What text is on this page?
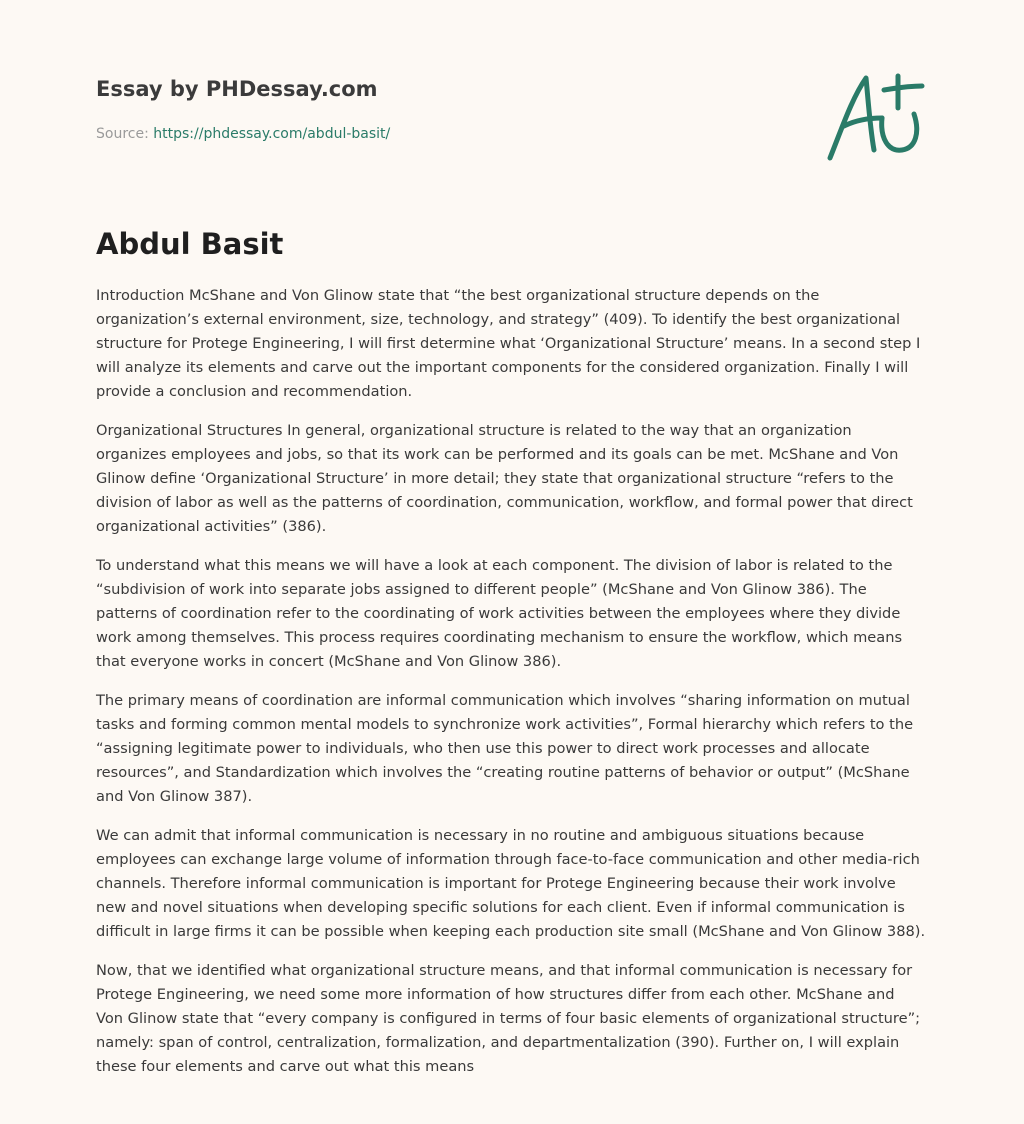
Essay by PHDessay.com
Source: https://phdessay.com/abdul-basit/
Abdul Basit

Introduction McShane and Von Glinow state that “the best organizational structure depends on the organization’s external environment, size, technology, and strategy” (409). To identify the best organizational structure for Protege Engineering, I will first determine what ‘Organizational Structure’ means. In a second step I will analyze its elements and carve out the important components for the considered organization. Finally I will provide a conclusion and recommendation.

Organizational Structures In general, organizational structure is related to the way that an organization organizes employees and jobs, so that its work can be performed and its goals can be met. McShane and Von Glinow define ‘Organizational Structure’ in more detail; they state that organizational structure “refers to the division of labor as well as the patterns of coordination, communication, workflow, and formal power that direct organizational activities” (386).

To understand what this means we will have a look at each component. The division of labor is related to the “subdivision of work into separate jobs assigned to different people” (McShane and Von Glinow 386). The patterns of coordination refer to the coordinating of work activities between the employees where they divide work among themselves. This process requires coordinating mechanism to ensure the workflow, which means that everyone works in concert (McShane and Von Glinow 386).

The primary means of coordination are informal communication which involves “sharing information on mutual tasks and forming common mental models to synchronize work activities”, Formal hierarchy which refers to the “assigning legitimate power to individuals, who then use this power to direct work processes and allocate resources”, and Standardization which involves the “creating routine patterns of behavior or output” (McShane and Von Glinow 387).

We can admit that informal communication is necessary in no routine and ambiguous situations because employees can exchange large volume of information through face-to-face communication and other media-rich channels. Therefore informal communication is important for Protege Engineering because their work involve new and novel situations when developing specific solutions for each client. Even if informal communication is difficult in large firms it can be possible when keeping each production site small (McShane and Von Glinow 388).

Now, that we identified what organizational structure means, and that informal communication is necessary for Protege Engineering, we need some more information of how structures differ from each other. McShane and Von Glinow state that “every company is configured in terms of four basic elements of organizational structure”; namely: span of control, centralization, formalization, and departmentalization (390). Further on, I will explain these four elements and carve out what this means
